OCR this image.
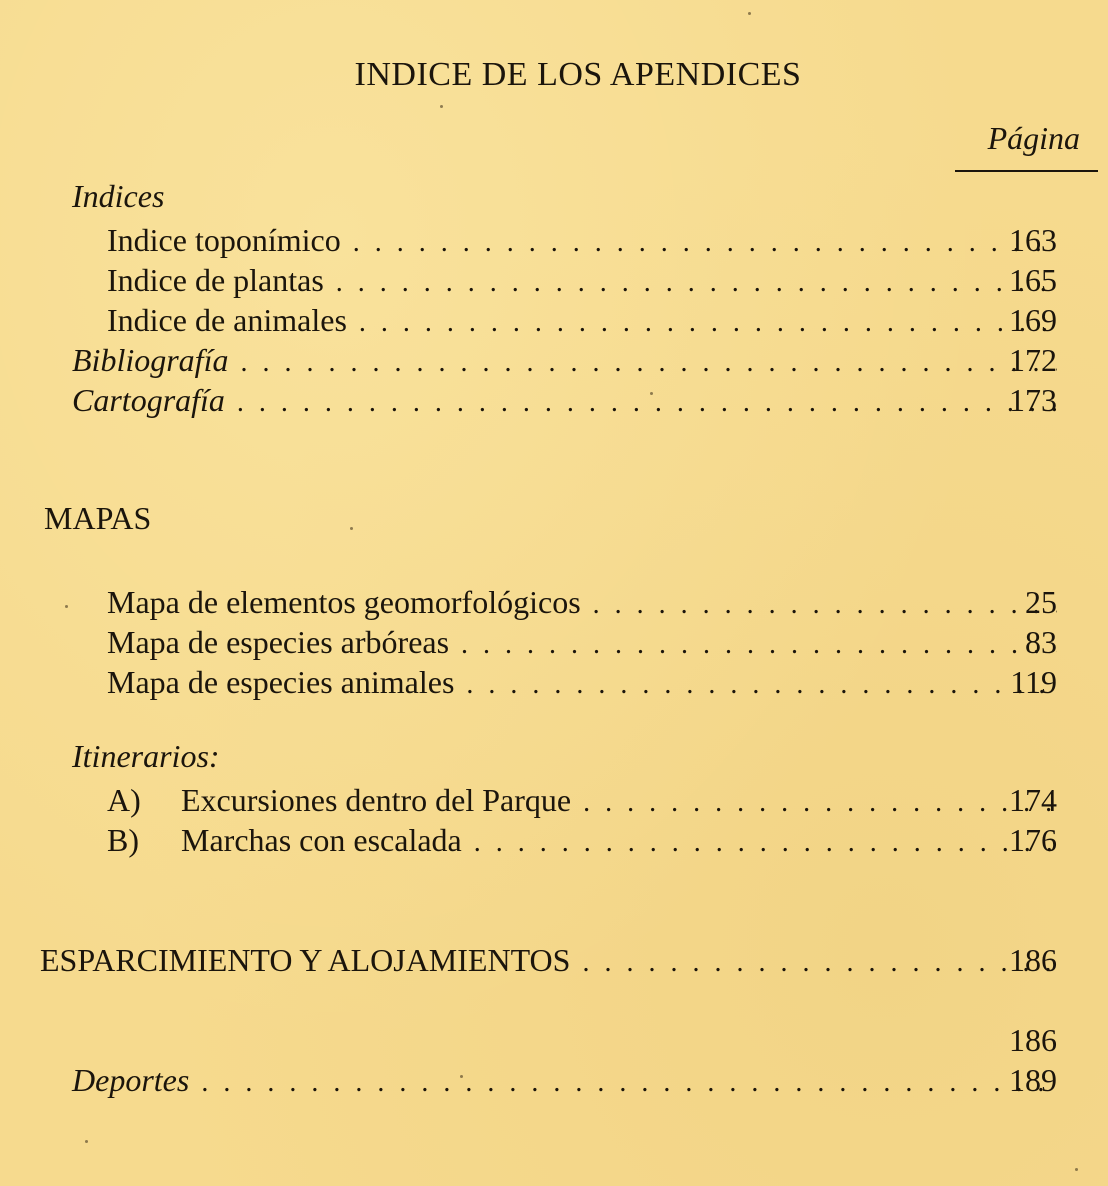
INDICE DE LOS APENDICES
Página
Indices
Indice toponímico . . .	163
Indice de plantas . . .	165
Indice de animales . . .	169
Bibliografía . . .	172
Cartografía . . .	173
MAPAS
Mapa de elementos geomorfológicos . . .	25
Mapa de especies arbóreas . . .	83
Mapa de especies animales . . .	119
Itinerarios:
A)	Excursiones dentro del Parque . . .	174
B)	Marchas con escalada . . .	176
ESPARCIMIENTO Y ALOJAMIENTOS . . .	186
186
Deportes . . .	189
